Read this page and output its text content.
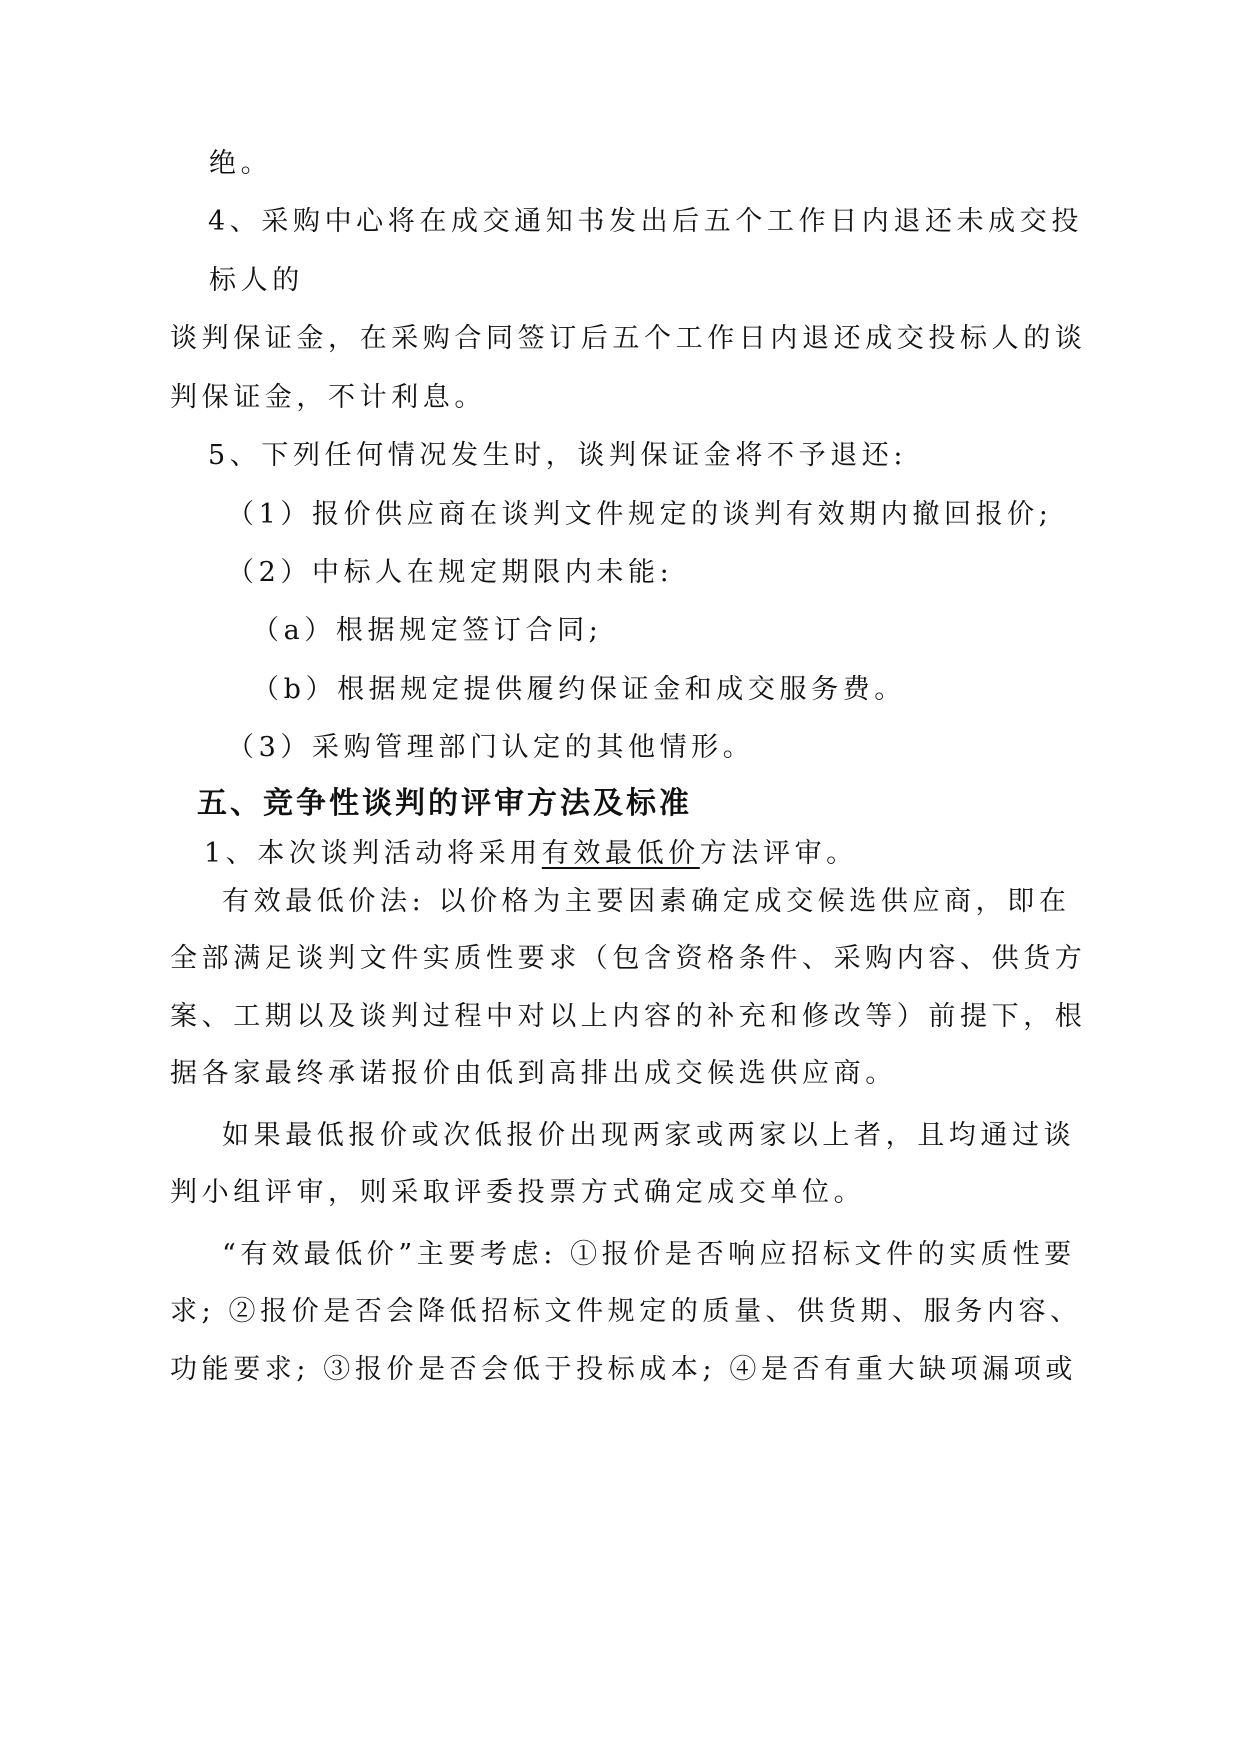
绝。
4、采购中心将在成交通知书发出后五个工作日内退还未成交投
标人的
谈判保证金，在采购合同签订后五个工作日内退还成交投标人的谈
判保证金，不计利息。
5、下列任何情况发生时，谈判保证金将不予退还:
（1）报价供应商在谈判文件规定的谈判有效期内撤回报价;
（2）中标人在规定期限内未能:
（a）根据规定签订合同;
（b）根据规定提供履约保证金和成交服务费。
（3）采购管理部门认定的其他情形。
五、竞争性谈判的评审方法及标准
1、本次谈判活动将采用有效最低价方法评审。
有效最低价法: 以价格为主要因素确定成交候选供应商，即在
全部满足谈判文件实质性要求（包含资格条件、采购内容、供货方
案、工期以及谈判过程中对以上内容的补充和修改等）前提下，根
据各家最终承诺报价由低到高排出成交候选供应商。
如果最低报价或次低报价出现两家或两家以上者，且均通过谈
判小组评审，则采取评委投票方式确定成交单位。
“有效最低价”主要考虑: ①报价是否响应招标文件的实质性要
求; ②报价是否会降低招标文件规定的质量、供货期、服务内容、
功能要求; ③报价是否会低于投标成本; ④是否有重大缺项漏项或
